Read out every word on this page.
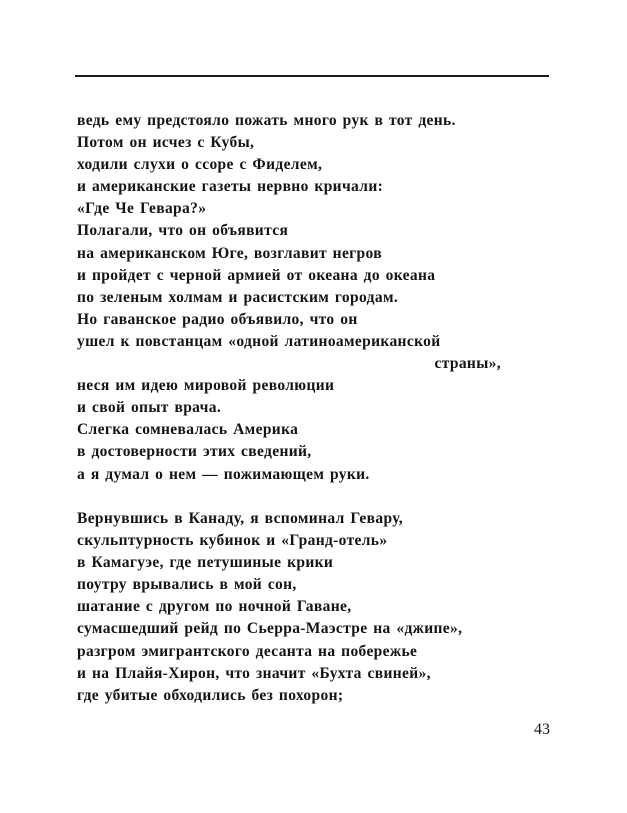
ведь ему предстояло пожать много рук в тот день.
Потом он исчез с Кубы,
ходили слухи о ссоре с Фиделем,
и американские газеты нервно кричали:
«Где Че Гевара?»
Полагали, что он объявится
на американском Юге, возглавит негров
и пройдет с черной армией от океана до океана
по зеленым холмам и расистским городам.
Но гаванское радио объявило, что он
ушел к повстанцам «одной латиноамериканской
страны»,
неся им идею мировой революции
и свой опыт врача.
Слегка сомневалась Америка
в достоверности этих сведений,
а я думал о нем — пожимающем руки.
Вернувшись в Канаду, я вспоминал Гевару,
скульптурность кубинок и «Гранд-отель»
в Камагуэе, где петушиные крики
поутру врывались в мой сон,
шатание с другом по ночной Гаване,
сумасшедший рейд по Сьерра-Маэстре на «джипе»,
разгром эмигрантского десанта на побережье
и на Плайя-Хирон, что значит «Бухта свиней»,
где убитые обходились без похорон;
43
